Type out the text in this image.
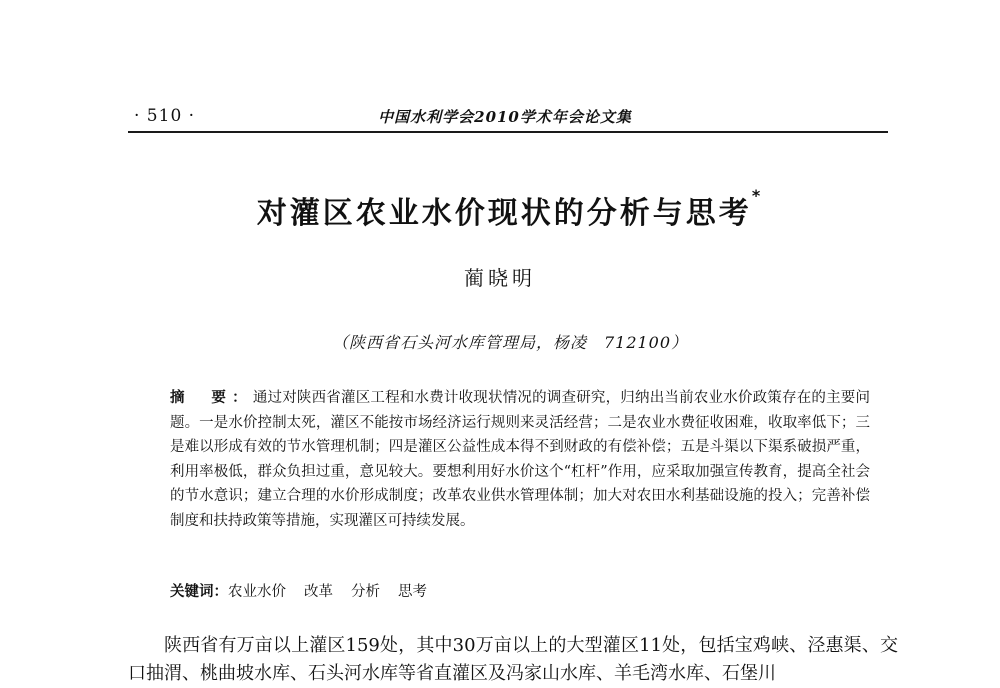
· 510 ·	中国水利学会2010学术年会论文集
对灌区农业水价现状的分析与思考*
蔺晓明
（陕西省石头河水库管理局，杨凌　712100）
摘　要：通过对陕西省灌区工程和水费计收现状情况的调查研究，归纳出当前农业水价政策存在的主要问题。一是水价控制太死，灌区不能按市场经济运行规则来灵活经营；二是农业水费征收困难，收取率低下；三是难以形成有效的节水管理机制；四是灌区公益性成本得不到财政的有偿补偿；五是斗渠以下渠系破损严重，利用率极低，群众负担过重，意见较大。要想利用好水价这个“杠杆”作用，应采取加强宣传教育，提高全社会的节水意识；建立合理的水价形成制度；改革农业供水管理体制；加大对农田水利基础设施的投入；完善补偿制度和扶持政策等措施，实现灌区可持续发展。
关键词：农业水价 改革 分析 思考

陕西省有万亩以上灌区159处，其中30万亩以上的大型灌区11处，包括宝鸡峡、泾惠渠、交口抽渭、桃曲坡水库、石头河水库等省直灌区及冯家山水库、羊毛湾水库、石堡川
